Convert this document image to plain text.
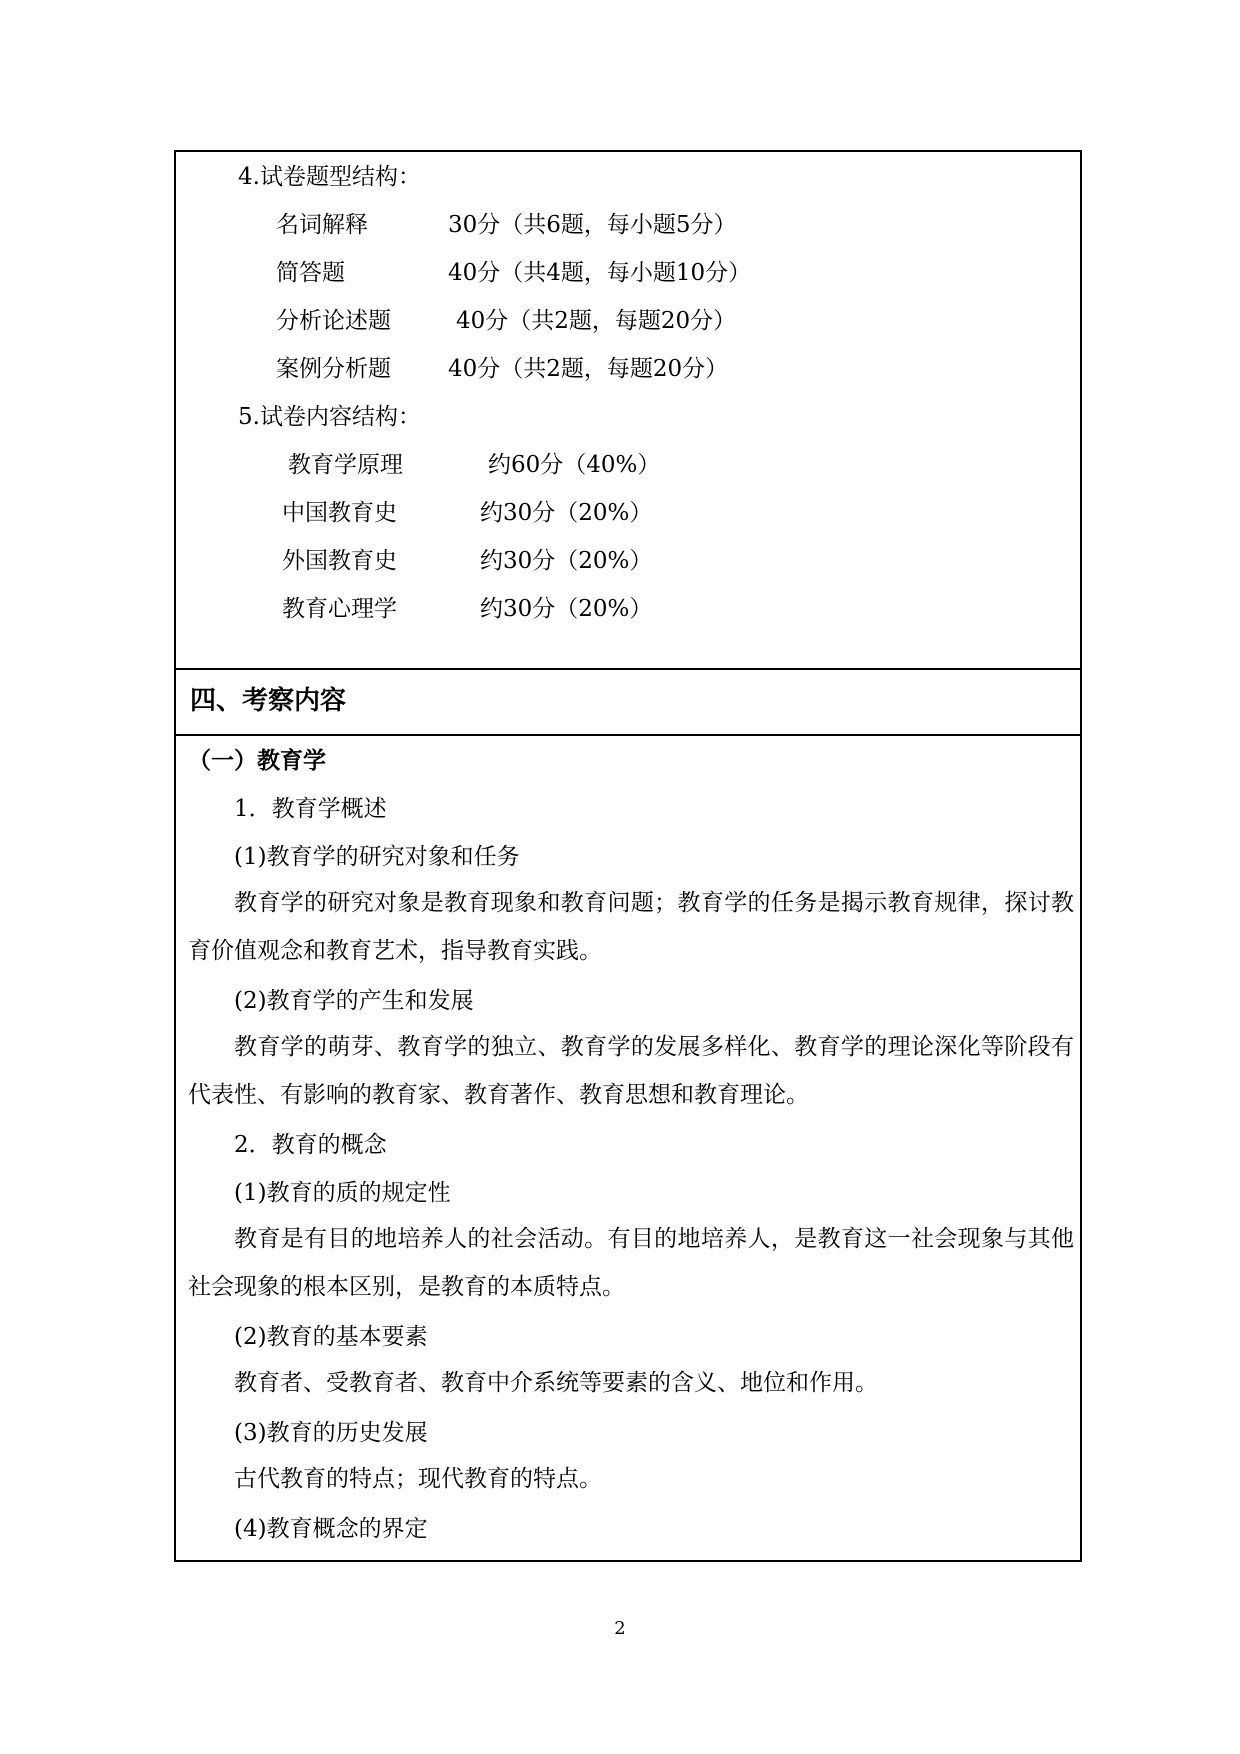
4.试卷题型结构：
名词解释	30分（共6题，每小题5分）
简答题	40分（共4题，每小题10分）
分析论述题	40分（共2题，每题20分）
案例分析题 40分（共2题，每题20分）
5.试卷内容结构：
教育学原理	约60分（40%）
中国教育史	约30分（20%）
外国教育史	约30分（20%）
教育心理学	约30分（20%）
四、考察内容
（一）教育学
1．教育学概述
(1)教育学的研究对象和任务
教育学的研究对象是教育现象和教育问题；教育学的任务是揭示教育规律，探讨教育价值观念和教育艺术，指导教育实践。
(2)教育学的产生和发展
教育学的萌芽、教育学的独立、教育学的发展多样化、教育学的理论深化等阶段有代表性、有影响的教育家、教育著作、教育思想和教育理论。
2．教育的概念
(1)教育的质的规定性
教育是有目的地培养人的社会活动。有目的地培养人，是教育这一社会现象与其他社会现象的根本区别，是教育的本质特点。
(2)教育的基本要素
教育者、受教育者、教育中介系统等要素的含义、地位和作用。
(3)教育的历史发展
古代教育的特点；现代教育的特点。
(4)教育概念的界定
2
